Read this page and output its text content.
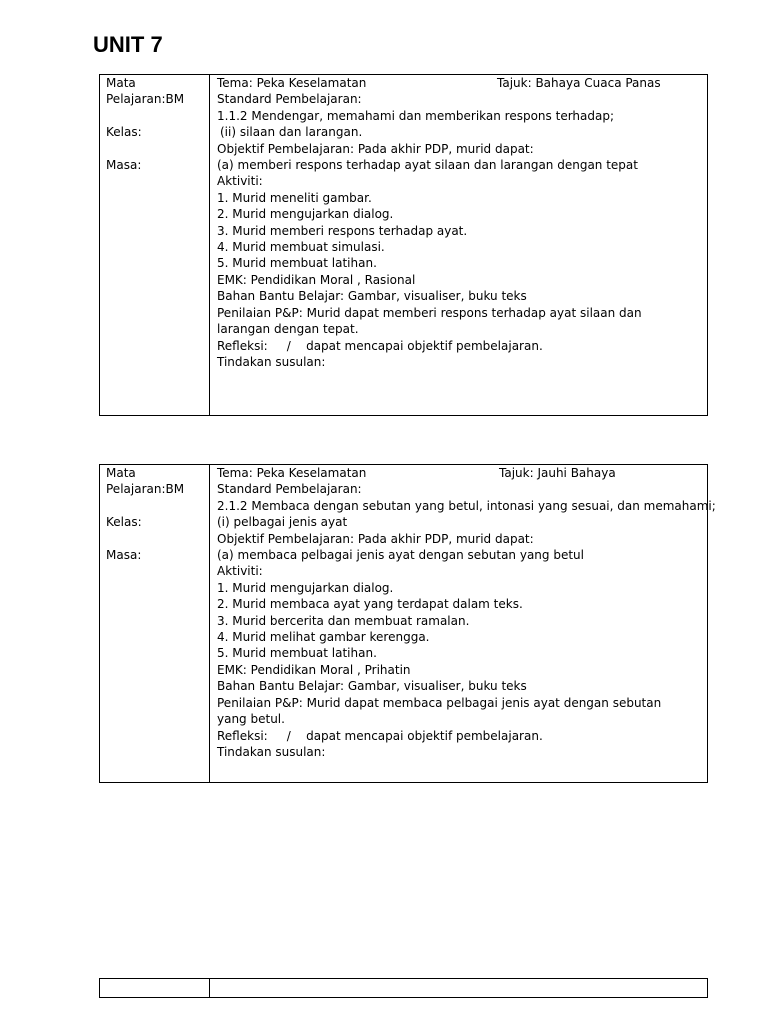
UNIT 7
Mata
Pelajaran:BM
Kelas:
Masa:
Tema: Peka Keselamatan	Tajuk: Bahaya Cuaca Panas
Standard Pembelajaran:
1.1.2 Mendengar, memahami dan memberikan respons terhadap;
(ii) silaan dan larangan.
Objektif Pembelajaran: Pada akhir PDP, murid dapat:
(a) memberi respons terhadap ayat silaan dan larangan dengan tepat
Aktiviti:
1. Murid meneliti gambar.
2. Murid mengujarkan dialog.
3. Murid memberi respons terhadap ayat.
4. Murid membuat simulasi.
5. Murid membuat latihan.
EMK: Pendidikan Moral , Rasional
Bahan Bantu Belajar: Gambar, visualiser, buku teks
Penilaian P&P: Murid dapat memberi respons terhadap ayat silaan dan larangan dengan tepat.
Refleksi:     /    dapat mencapai objektif pembelajaran.
Tindakan susulan:
Mata
Pelajaran:BM
Kelas:
Masa:
Tema: Peka Keselamatan	Tajuk: Jauhi Bahaya
Standard Pembelajaran:
2.1.2 Membaca dengan sebutan yang betul, intonasi yang sesuai, dan memahami;
(i) pelbagai jenis ayat
Objektif Pembelajaran: Pada akhir PDP, murid dapat:
(a) membaca pelbagai jenis ayat dengan sebutan yang betul
Aktiviti:
1. Murid mengujarkan dialog.
2. Murid membaca ayat yang terdapat dalam teks.
3. Murid bercerita dan membuat ramalan.
4. Murid melihat gambar kerengga.
5. Murid membuat latihan.
EMK: Pendidikan Moral , Prihatin
Bahan Bantu Belajar: Gambar, visualiser, buku teks
Penilaian P&P: Murid dapat membaca pelbagai jenis ayat dengan sebutan yang betul.
Refleksi:     /    dapat mencapai objektif pembelajaran.
Tindakan susulan:
